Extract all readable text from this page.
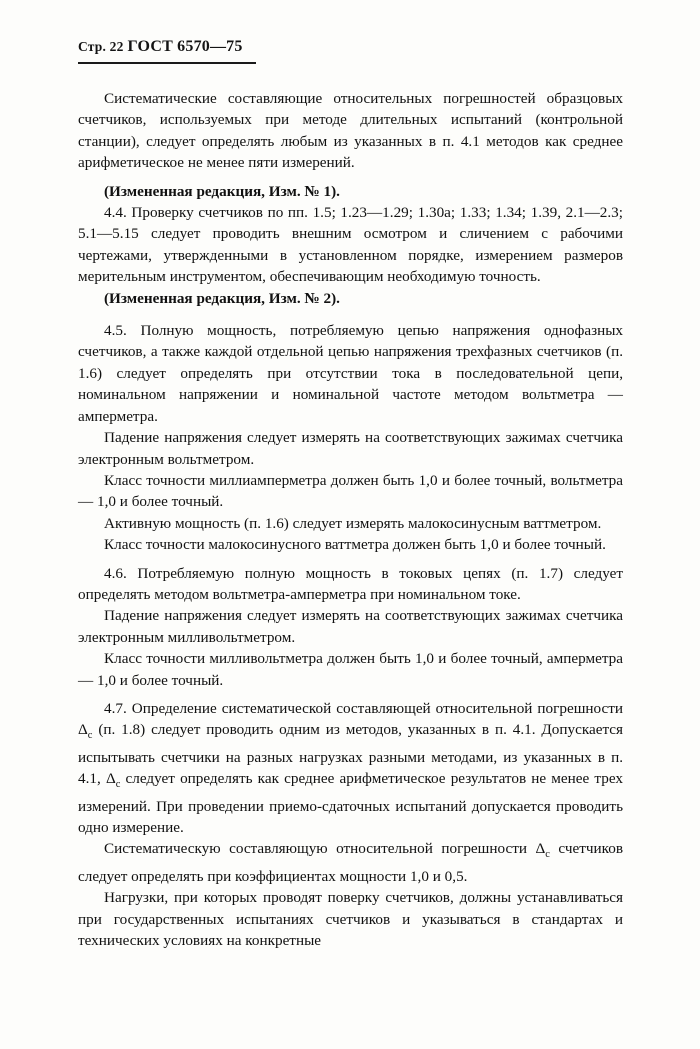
Стр. 22 ГОСТ 6570—75

Систематические составляющие относительных погрешностей образцовых счетчиков, используемых при методе длительных испытаний (контрольной станции), следует определять любым из указанных в п. 4.1 методов как среднее арифметическое не менее пяти измерений.

(Измененная редакция, Изм. № 1).

4.4. Проверку счетчиков по пп. 1.5; 1.23—1.29; 1.30а; 1.33; 1.34; 1.39, 2.1—2.3; 5.1—5.15 следует проводить внешним осмотром и сличением с рабочими чертежами, утвержденными в установленном порядке, измерением размеров мерительным инструментом, обеспечивающим необходимую точность.

(Измененная редакция, Изм. № 2).

4.5. Полную мощность, потребляемую цепью напряжения однофазных счетчиков, а также каждой отдельной цепью напряжения трехфазных счетчиков (п. 1.6) следует определять при отсутствии тока в последовательной цепи, номинальном напряжении и номинальной частоте методом вольтметра — амперметра.

Падение напряжения следует измерять на соответствующих зажимах счетчика электронным вольтметром.

Класс точности миллиамперметра должен быть 1,0 и более точный, вольтметра — 1,0 и более точный.

Активную мощность (п. 1.6) следует измерять малокосинусным ваттметром.

Класс точности малокосинусного ваттметра должен быть 1,0 и более точный.

4.6. Потребляемую полную мощность в токовых цепях (п. 1.7) следует определять методом вольтметра-амперметра при номинальном токе.

Падение напряжения следует измерять на соответствующих зажимах счетчика электронным милливольтметром.

Класс точности милливольтметра должен быть 1,0 и более точный, амперметра — 1,0 и более точный.

4.7. Определение систематической составляющей относительной погрешности $\Delta_с$ (п. 1.8) следует проводить одним из методов, указанных в п. 4.1. Допускается испытывать счетчики на разных нагрузках разными методами, из указанных в п. 4.1, $\Delta_с$ следует определять как среднее арифметическое результатов не менее трех измерений. При проведении приемо-сдаточных испытаний допускается проводить одно измерение.

Систематическую составляющую относительной погрешности $\Delta_с$ счетчиков следует определять при коэффициентах мощности 1,0 и 0,5.

Нагрузки, при которых проводят поверку счетчиков, должны устанавливаться при государственных испытаниях счетчиков и указываться в стандартах и технических условиях на конкретные
